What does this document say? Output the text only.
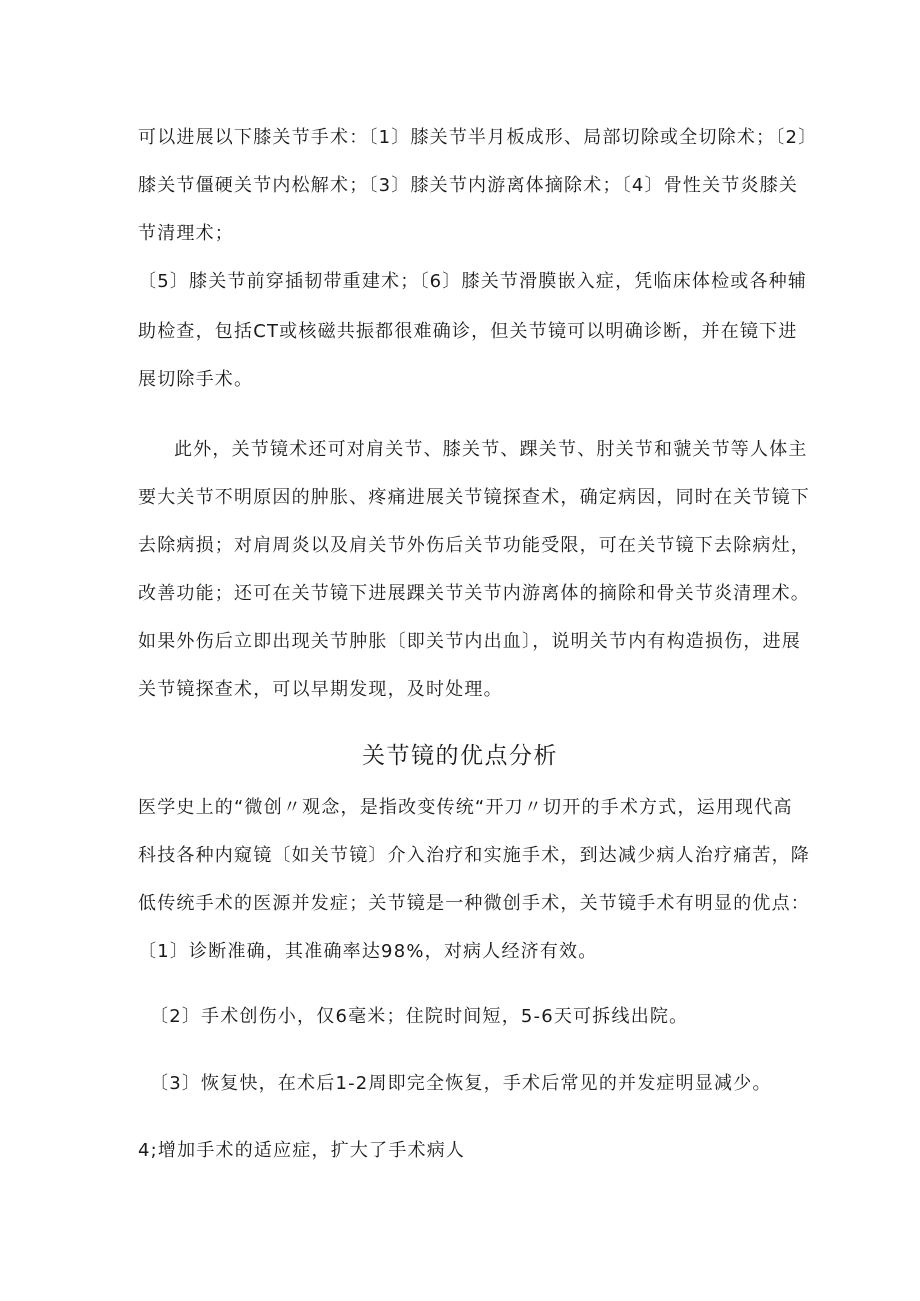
可以进展以下膝关节手术：〔1〕膝关节半月板成形、局部切除或全切除术；〔2〕
膝关节僵硬关节内松解术；〔3〕膝关节内游离体摘除术；〔4〕骨性关节炎膝关
节清理术；
〔5〕膝关节前穿插韧带重建术；〔6〕膝关节滑膜嵌入症，凭临床体检或各种辅
助检查，包括CT或核磁共振都很难确诊，但关节镜可以明确诊断，并在镜下进
展切除手术。
此外，关节镜术还可对肩关节、膝关节、踝关节、肘关节和虢关节等人体主
要大关节不明原因的肿胀、疼痛进展关节镜探查术，确定病因，同时在关节镜下
去除病损；对肩周炎以及肩关节外伤后关节功能受限，可在关节镜下去除病灶，
改善功能；还可在关节镜下进展踝关节关节内游离体的摘除和骨关节炎清理术。
如果外伤后立即出现关节肿胀〔即关节内出血〕，说明关节内有构造损伤，进展
关节镜探查术，可以早期发现，及时处理。
关节镜的优点分析
医学史上的“微创〃观念，是指改变传统“开刀〃切开的手术方式，运用现代高
科技各种内窥镜〔如关节镜〕介入治疗和实施手术，到达减少病人治疗痛苦，降
低传统手术的医源并发症；关节镜是一种微创手术，关节镜手术有明显的优点：
〔1〕诊断准确，其准确率达98%，对病人经济有效。
〔2〕手术创伤小，仅6毫米；住院时间短，5-6天可拆线出院。
〔3〕恢复快，在术后1-2周即完全恢复，手术后常见的并发症明显减少。
4;增加手术的适应症，扩大了手术病人
